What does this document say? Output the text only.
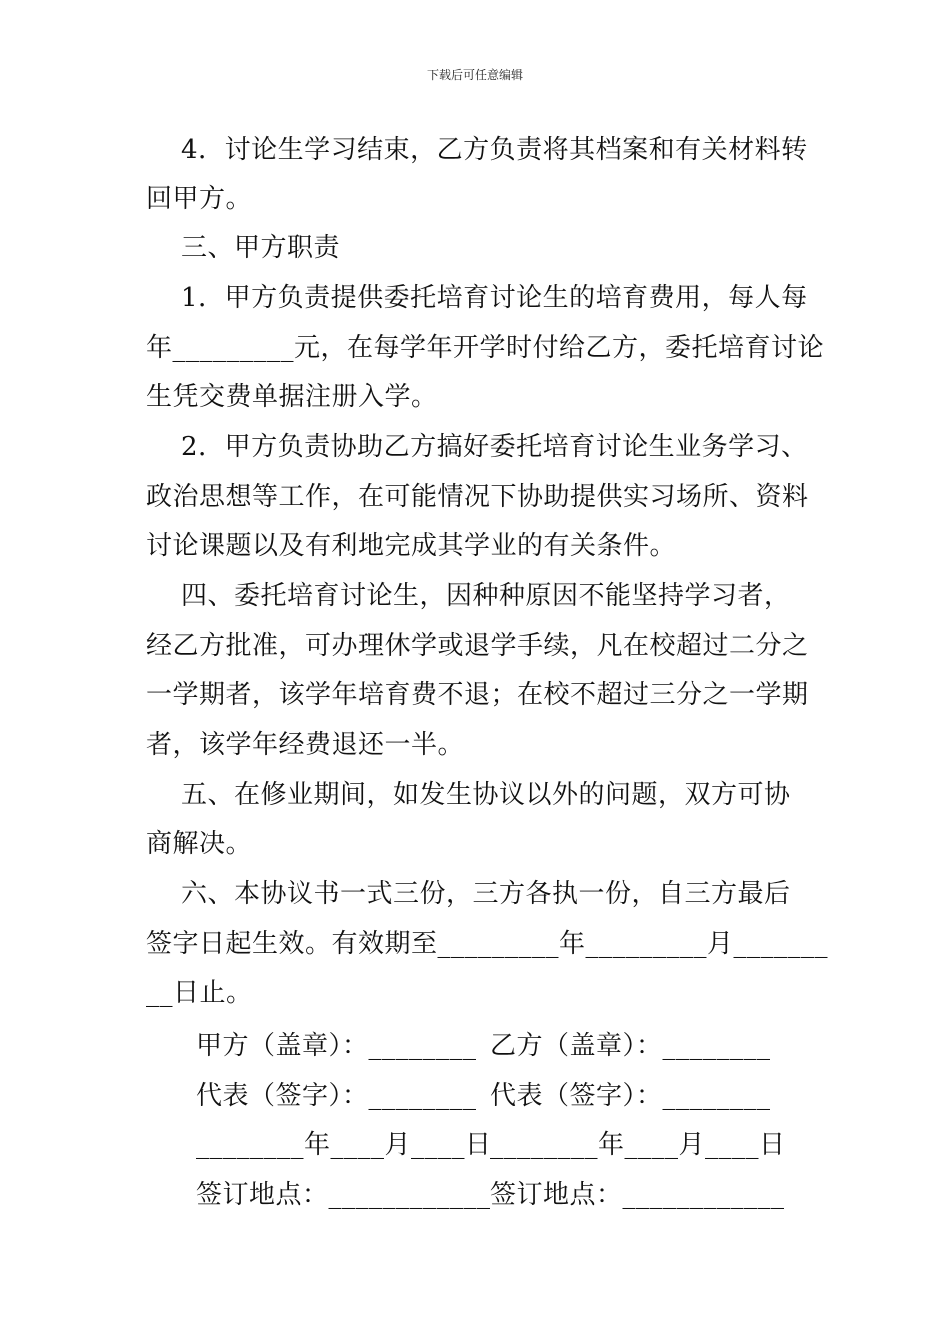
下载后可任意编辑
4．讨论生学习结束，乙方负责将其档案和有关材料转
回甲方。
三、甲方职责
1．甲方负责提供委托培育讨论生的培育费用，每人每
年_________元，在每学年开学时付给乙方，委托培育讨论
生凭交费单据注册入学。
2．甲方负责协助乙方搞好委托培育讨论生业务学习、
政治思想等工作，在可能情况下协助提供实习场所、资料
讨论课题以及有利地完成其学业的有关条件。
四、委托培育讨论生，因种种原因不能坚持学习者，
经乙方批准，可办理休学或退学手续，凡在校超过二分之
一学期者，该学年培育费不退；在校不超过三分之一学期
者，该学年经费退还一半。
五、在修业期间，如发生协议以外的问题，双方可协
商解决。
六、本协议书一式三份，三方各执一份，自三方最后
签字日起生效。有效期至_________年_________月_______
__日止。
甲方（盖章）：________ 乙方（盖章）：________
代表（签字）：________ 代表（签字）：________
________年____月____日
________年____月____日
签订地点：____________ 签订地点：____________
